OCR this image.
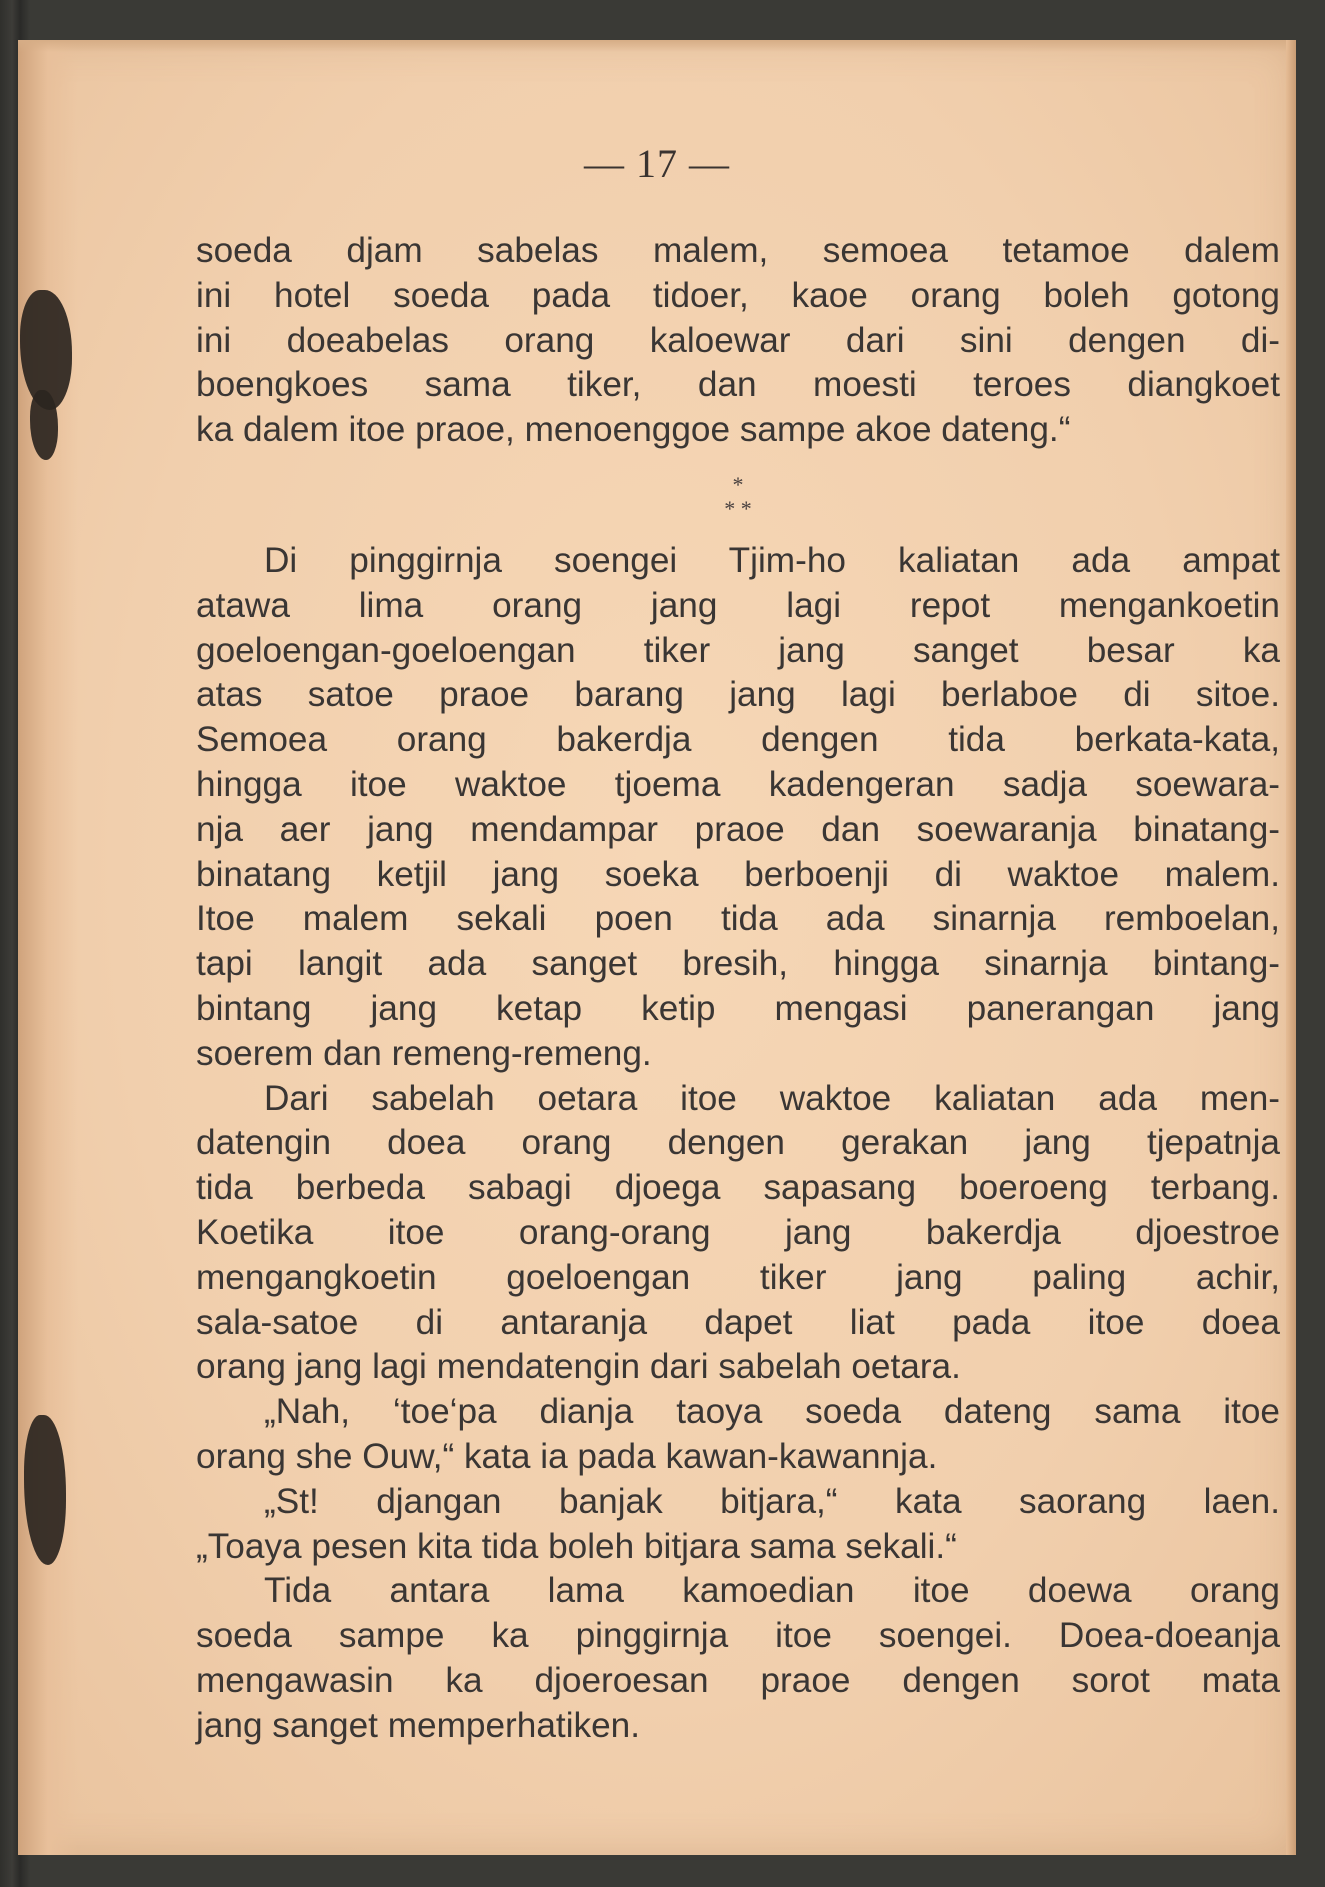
— 17 —
soeda djam sabelas malem, semoea tetamoe dalem
ini hotel soeda pada tidoer, kaoe orang boleh gotong
ini doeabelas orang kaloewar dari sini dengen di-
boengkoes sama tiker, dan moesti teroes diangkoet
ka dalem itoe praoe, menoenggoe sampe akoe dateng.“
*
* *
Di pinggirnja soengei Tjim-ho kaliatan ada ampat
atawa lima orang jang lagi repot mengankoetin
goeloengan-goeloengan tiker jang sanget besar ka
atas satoe praoe barang jang lagi berlaboe di sitoe.
Semoea orang bakerdja dengen tida berkata-kata,
hingga itoe waktoe tjoema kadengeran sadja soewara-
nja aer jang mendampar praoe dan soewaranja binatang-
binatang ketjil jang soeka berboenji di waktoe malem.
Itoe malem sekali poen tida ada sinarnja remboelan,
tapi langit ada sanget bresih, hingga sinarnja bintang-
bintang jang ketap ketip mengasi panerangan jang
soerem dan remeng-remeng.
Dari sabelah oetara itoe waktoe kaliatan ada men-
datengin doea orang dengen gerakan jang tjepatnja
tida berbeda sabagi djoega sapasang boeroeng terbang.
Koetika itoe orang-orang jang bakerdja djoestroe
mengangkoetin goeloengan tiker jang paling achir,
sala-satoe di antaranja dapet liat pada itoe doea
orang jang lagi mendatengin dari sabelah oetara.
„Nah, ‘toe‘pa dianja taoya soeda dateng sama itoe
orang she Ouw,“ kata ia pada kawan-kawannja.
„St! djangan banjak bitjara,“ kata saorang laen.
„Toaya pesen kita tida boleh bitjara sama sekali.“
Tida antara lama kamoedian itoe doewa orang
soeda sampe ka pinggirnja itoe soengei. Doea-doeanja
mengawasin ka djoeroesan praoe dengen sorot mata
jang sanget memperhatiken.
